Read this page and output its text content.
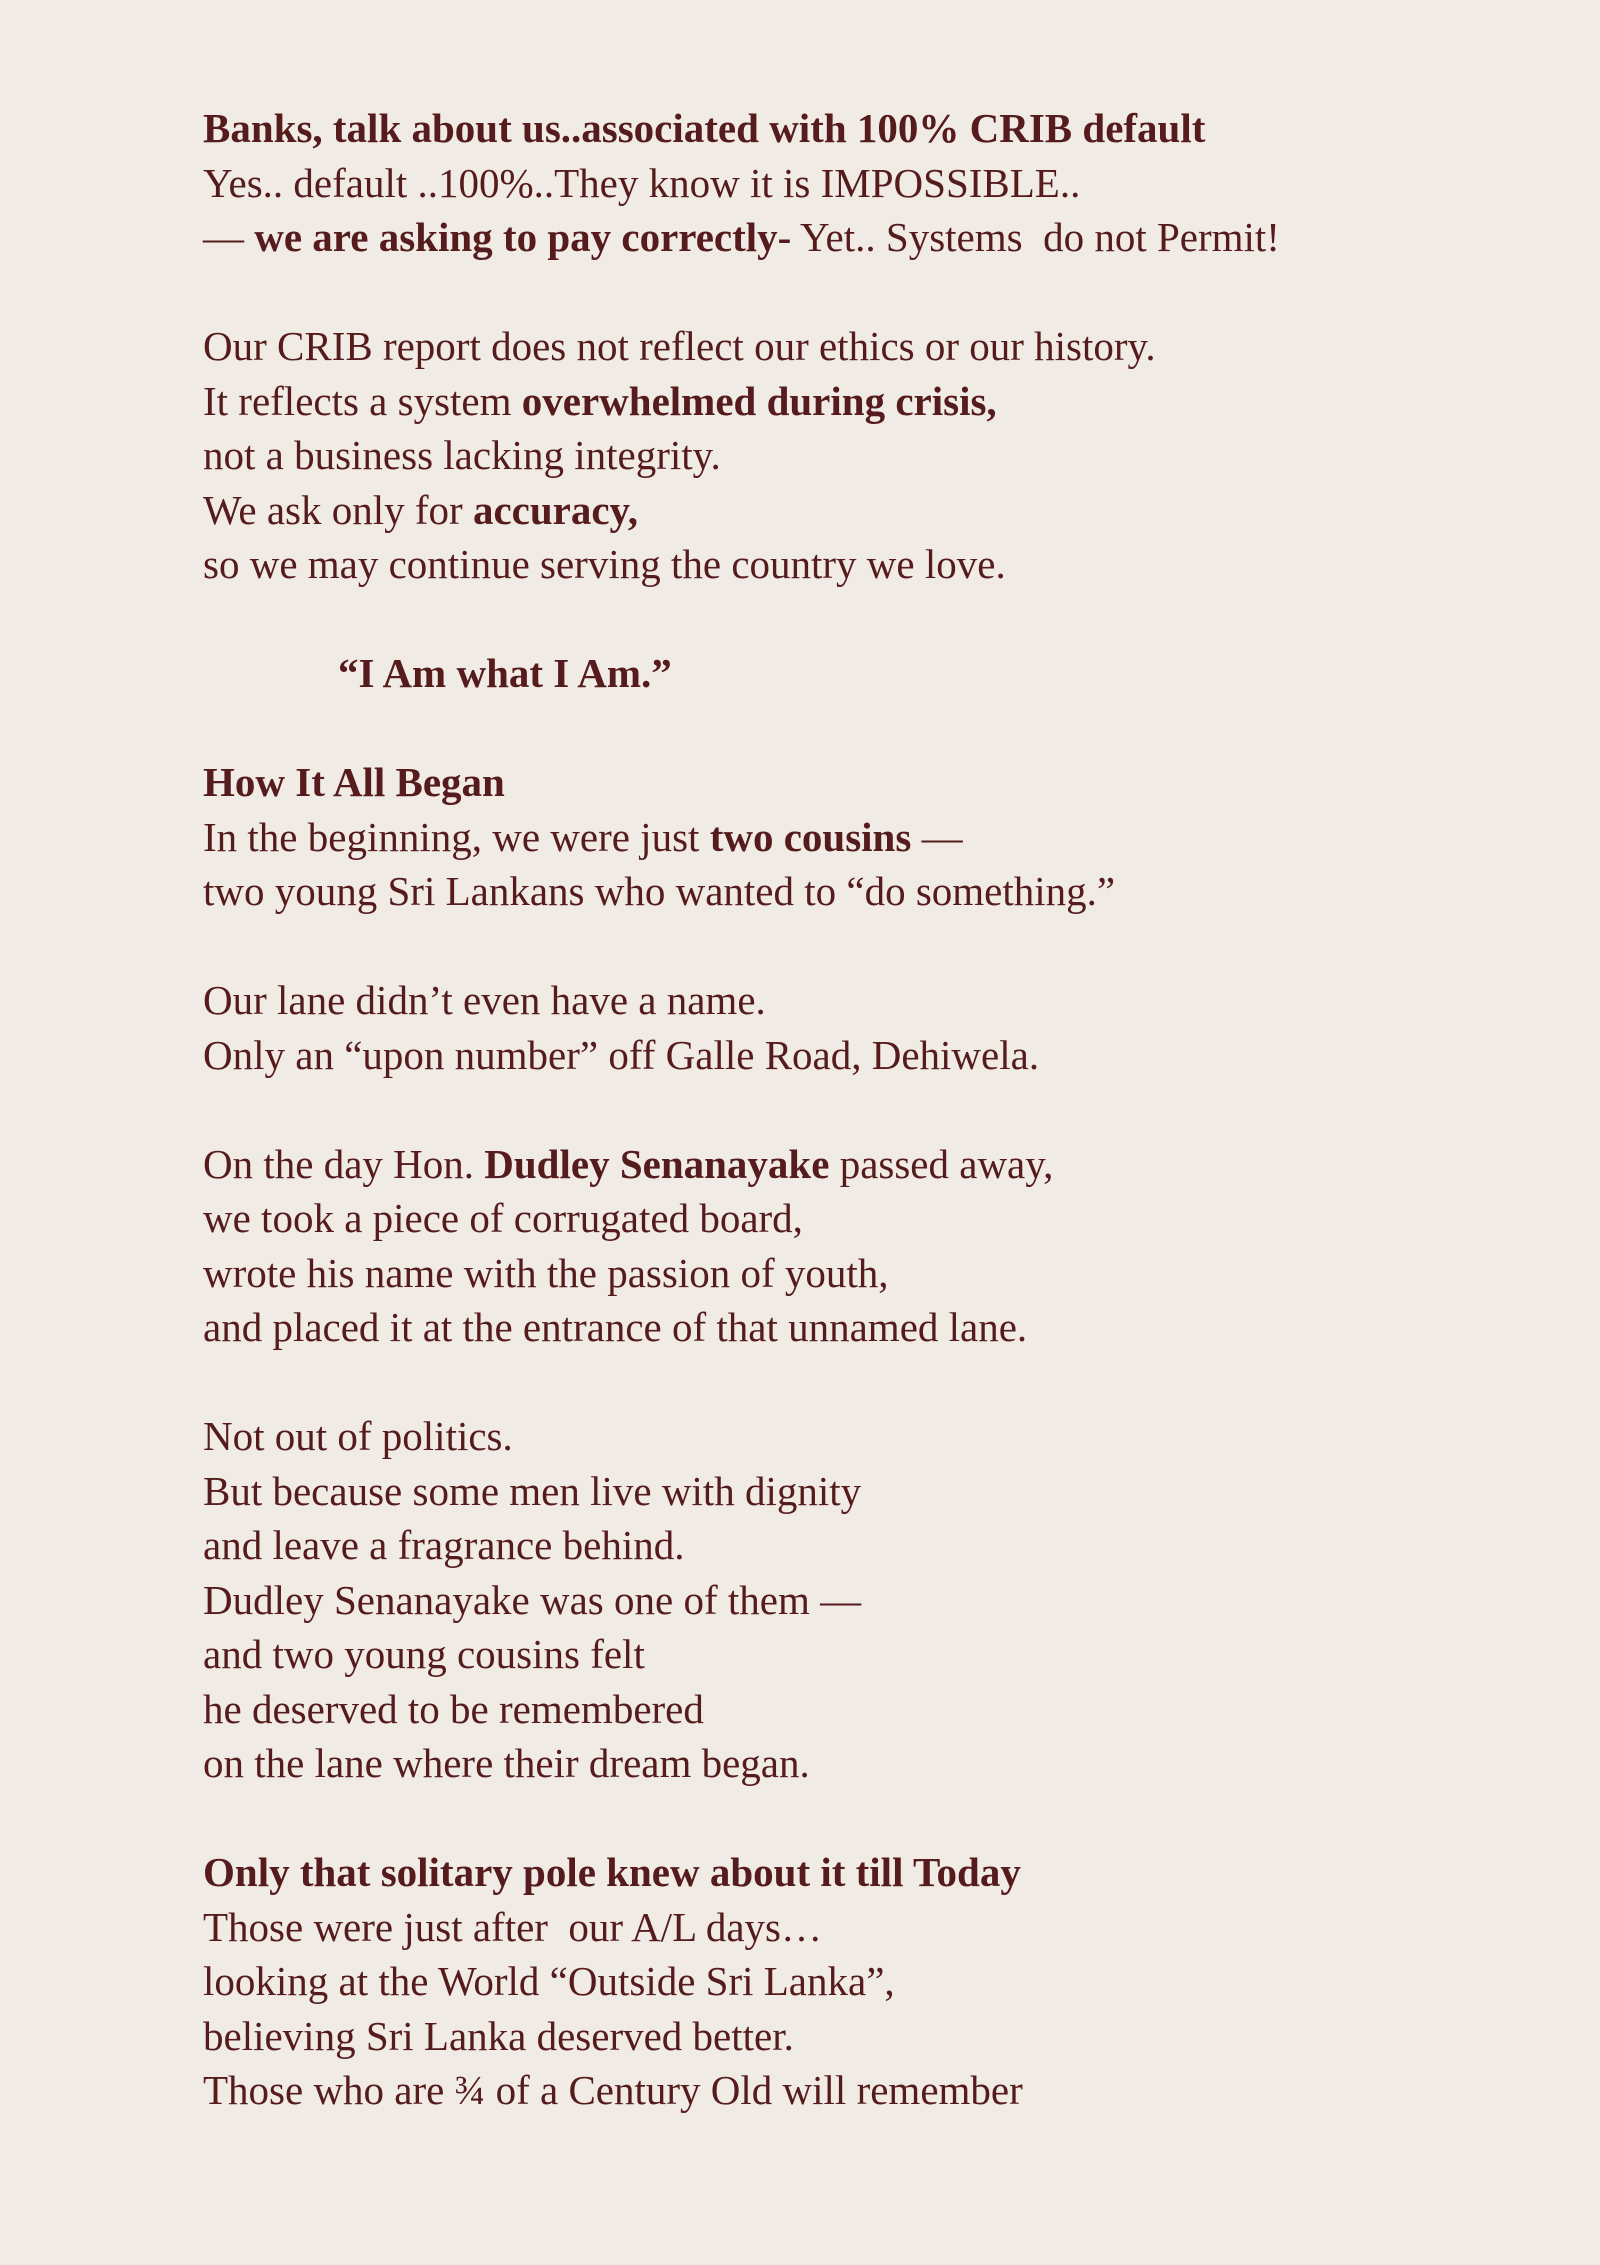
Banks, talk about us..associated with 100% CRIB default
Yes.. default ..100%..They know it is IMPOSSIBLE..
— we are asking to pay correctly- Yet.. Systems  do not Permit!
Our CRIB report does not reflect our ethics or our history.
It reflects a system overwhelmed during crisis,
not a business lacking integrity.
We ask only for accuracy,
so we may continue serving the country we love.
“I Am what I Am.”
How It All Began
In the beginning, we were just two cousins —
two young Sri Lankans who wanted to “do something.”
Our lane didn’t even have a name.
Only an “upon number” off Galle Road, Dehiwela.
On the day Hon. Dudley Senanayake passed away,
we took a piece of corrugated board,
wrote his name with the passion of youth,
and placed it at the entrance of that unnamed lane.
Not out of politics.
But because some men live with dignity
and leave a fragrance behind.
Dudley Senanayake was one of them —
and two young cousins felt
he deserved to be remembered
on the lane where their dream began.
Only that solitary pole knew about it till Today
Those were just after  our A/L days…
looking at the World “Outside Sri Lanka”,
believing Sri Lanka deserved better.
Those who are ¾ of a Century Old will remember
